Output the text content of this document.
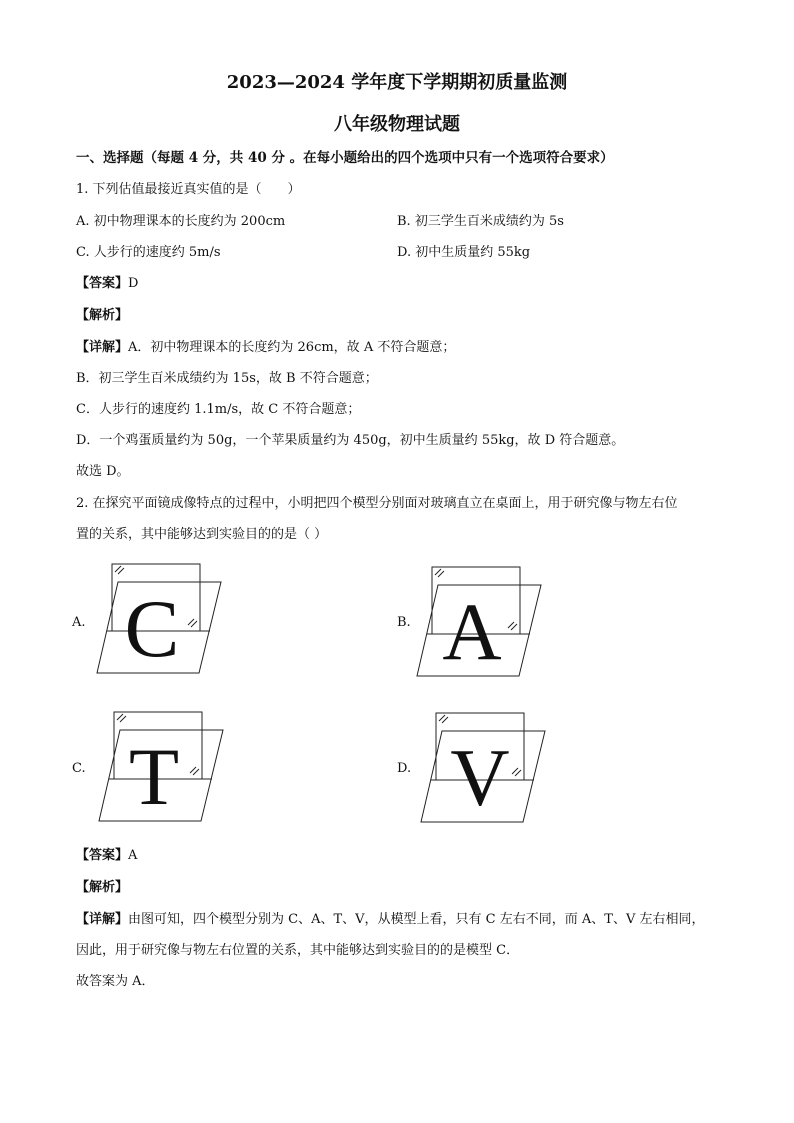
2023—2024 学年度下学期期初质量监测
八年级物理试题
一、选择题（每题 4 分，共 40 分 。在每小题给出的四个选项中只有一个选项符合要求）
1. 下列估值最接近真实值的是（　　）
A. 初中物理课本的长度约为 200cm	B. 初三学生百米成绩约为 5s
C. 人步行的速度约 5m/s	D. 初中生质量约 55kg
【答案】D
【解析】
【详解】A．初中物理课本的长度约为 26cm，故 A 不符合题意；
B．初三学生百米成绩约为 15s，故 B 不符合题意；
C．人步行的速度约 1.1m/s，故 C 不符合题意；
D．一个鸡蛋质量约为 50g，一个苹果质量约为 450g，初中生质量约 55kg，故 D 符合题意。
故选 D。
2. 在探究平面镜成像特点的过程中，小明把四个模型分别面对玻璃直立在桌面上，用于研究像与物左右位
置的关系，其中能够达到实验目的的是（ ）
A. C	B. A
C. T	D. V
【答案】A
【解析】
【详解】由图可知，四个模型分别为 C、A、T、V，从模型上看，只有 C 左右不同，而 A、T、V 左右相同，
因此，用于研究像与物左右位置的关系，其中能够达到实验目的的是模型 C．
故答案为 A．
